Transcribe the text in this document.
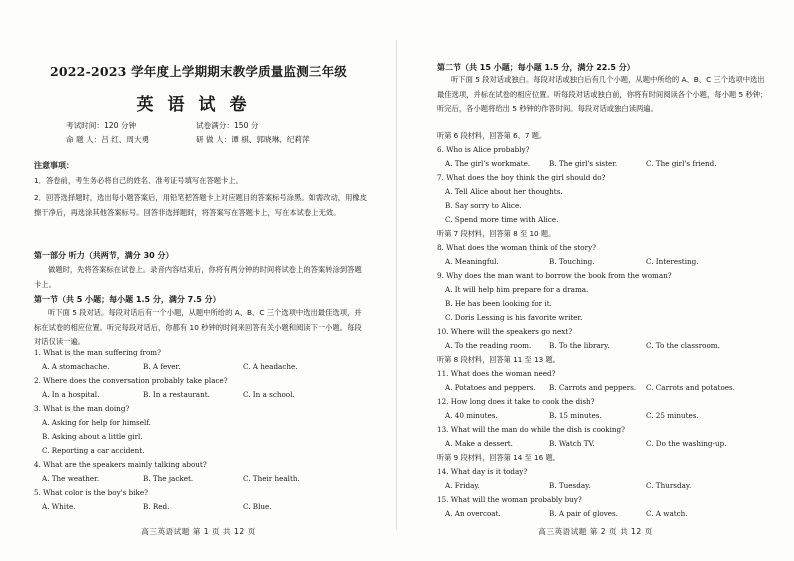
2022-2023 学年度上学期期末教学质量监测三年级
英语试卷
考试时间：120 分钟	试卷满分：150 分
命 题 人：吕 红、周大勇	研 做 人：谭 棋、郭晓琳、纪莉萍
注意事项：
1．答卷前，考生务必将自己的姓名、准考证号填写在答题卡上。
2．回答选择题时，选出每小题答案后，用铅笔把答题卡上对应题目的答案标号涂黑。如需改动，用橡皮擦干净后，再选涂其他答案标号。回答非选择题时，将答案写在答题卡上，写在本试卷上无效。
第一部分 听力（共两节，满分 30 分）
做题时，先将答案标在试卷上。录音内容结束后，你将有两分钟的时间将试卷上的答案转涂到答题卡上。
第一节（共 5 小题；每小题 1.5 分，满分 7.5 分）
听下面 5 段对话。每段对话后有一个小题，从题中所给的 A、B、C 三个选项中选出最佳选项，并标在试卷的相应位置。听完每段对话后，你都有 10 秒钟的时间来回答有关小题和阅读下一小题。每段对话仅读一遍。
1. What is the man suffering from?
A. A stomachache.	B. A fever.	C. A headache.
2. Where does the conversation probably take place?
A. In a hospital.	B. In a restaurant.	C. In a school.
3. What is the man doing?
A. Asking for help for himself.
B. Asking about a little girl.
C. Reporting a car accident.
4. What are the speakers mainly talking about?
A. The weather.	B. The jacket.	C. Their health.
5. What color is the boy's bike?
A. White.	B. Red.	C. Blue.
高三英语试题 第 1 页 共 12 页
第二节（共 15 小题；每小题 1.5 分，满分 22.5 分）
听下面 5 段对话或独白。每段对话或独白后有几个小题，从题中所给的 A、B、C 三个选项中选出最佳选项，并标在试卷的相应位置。听每段对话或独白前，你将有时间阅读各个小题，每小题 5 秒钟；听完后，各小题将给出 5 秒钟的作答时间。每段对话或独白读两遍。
听第 6 段材料，回答第 6、7 题。
6. Who is Alice probably?
A. The girl's workmate.	B. The girl's sister.	C. The girl's friend.
7. What does the boy think the girl should do?
A. Tell Alice about her thoughts.
B. Say sorry to Alice.
C. Spend more time with Alice.
听第 7 段材料，回答第 8 至 10 题。
8. What does the woman think of the story?
A. Meaningful.	B. Touching.	C. Interesting.
9. Why does the man want to borrow the book from the woman?
A. It will help him prepare for a drama.
B. He has been looking for it.
C. Doris Lessing is his favorite writer.
10. Where will the speakers go next?
A. To the reading room. B. To the library.	C. To the classroom.
听第 8 段材料，回答第 11 至 13 题。
11. What does the woman need?
A. Potatoes and peppers. B. Carrots and peppers. C. Carrots and potatoes.
12. How long does it take to cook the dish?
A. 40 minutes.	B. 15 minutes.	C. 25 minutes.
13. What will the man do while the dish is cooking?
A. Make a dessert.	B. Watch TV.	C. Do the washing-up.
听第 9 段材料，回答第 14 至 16 题。
14. What day is it today?
A. Friday.	B. Tuesday.	C. Thursday.
15. What will the woman probably buy?
A. An overcoat.	B. A pair of gloves.	C. A watch.
高三英语试题 第 2 页 共 12 页
